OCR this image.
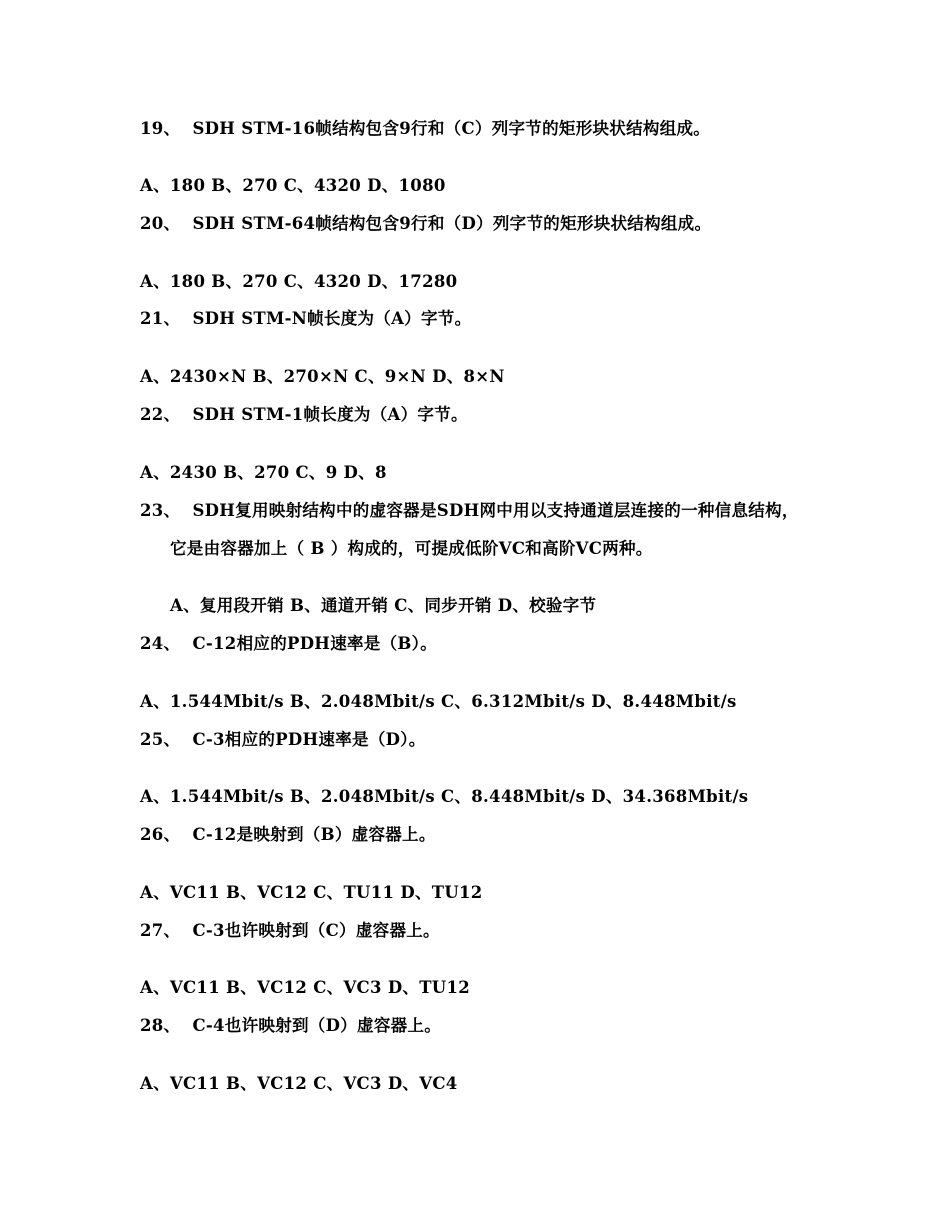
19、  SDH STM-16帧结构包含9行和（C）列字节的矩形块状结构组成。
A、180 B、270 C、4320 D、1080
20、  SDH STM-64帧结构包含9行和（D）列字节的矩形块状结构组成。
A、180 B、270 C、4320 D、17280
21、  SDH STM-N帧长度为（A）字节。
A、2430×N B、270×N C、9×N D、8×N
22、  SDH STM-1帧长度为（A）字节。
A、2430 B、270 C、9 D、8
23、  SDH复用映射结构中的虚容器是SDH网中用以支持通道层连接的一种信息结构，
它是由容器加上（ B ）构成的，可提成低阶VC和高阶VC两种。
A、复用段开销 B、通道开销 C、同步开销 D、校验字节
24、  C-12相应的PDH速率是（B）。
A、1.544Mbit/s B、2.048Mbit/s C、6.312Mbit/s D、8.448Mbit/s
25、  C-3相应的PDH速率是（D）。
A、1.544Mbit/s B、2.048Mbit/s C、8.448Mbit/s D、34.368Mbit/s
26、  C-12是映射到（B）虚容器上。
A、VC11 B、VC12 C、TU11 D、TU12
27、  C-3也许映射到（C）虚容器上。
A、VC11 B、VC12 C、VC3 D、TU12
28、  C-4也许映射到（D）虚容器上。
A、VC11 B、VC12 C、VC3 D、VC4
